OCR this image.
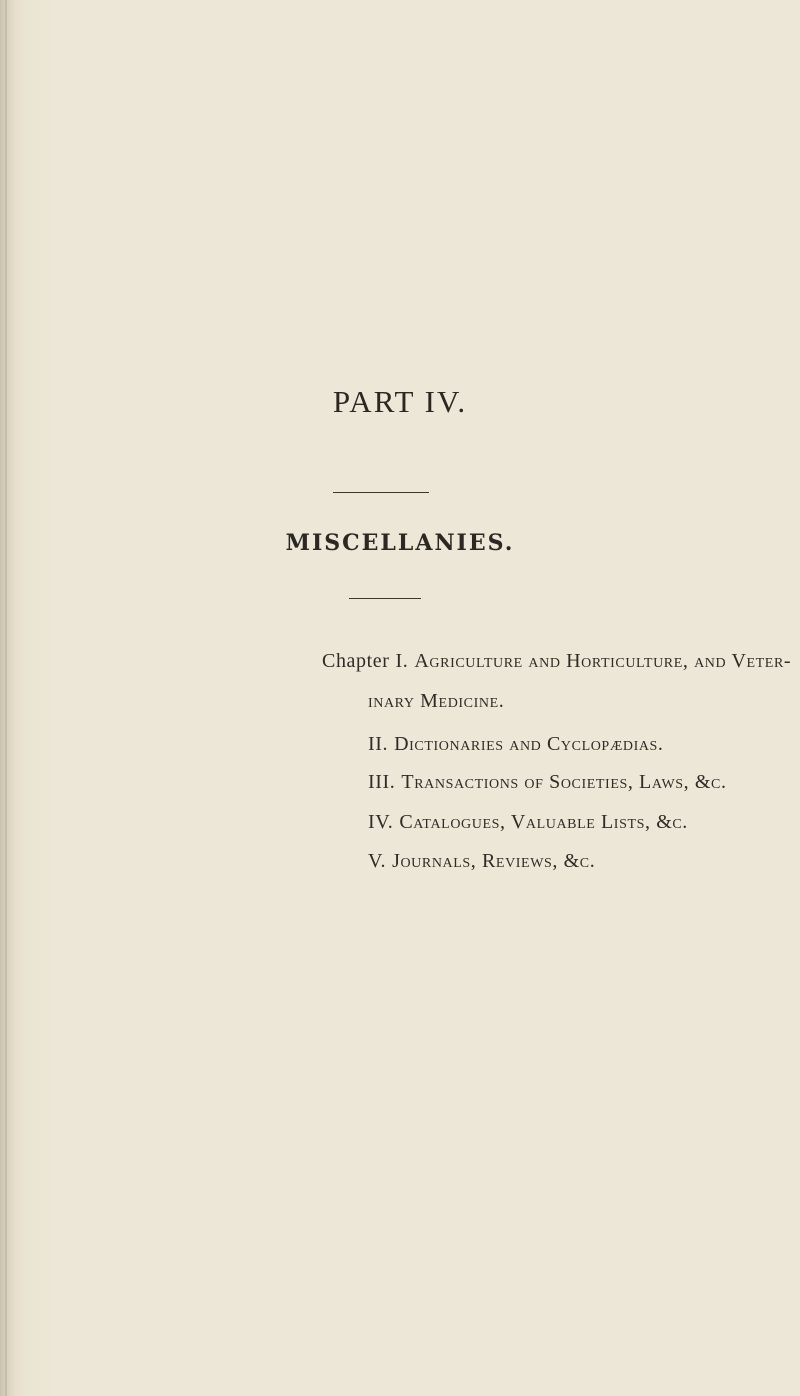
PART IV.
MISCELLANIES.
Chapter I. Agriculture and Horticulture, and Veter-
inary Medicine.
II. Dictionaries and Cyclopædias.
III. Transactions of Societies, Laws, &c.
IV. Catalogues, Valuable Lists, &c.
V. Journals, Reviews, &c.
